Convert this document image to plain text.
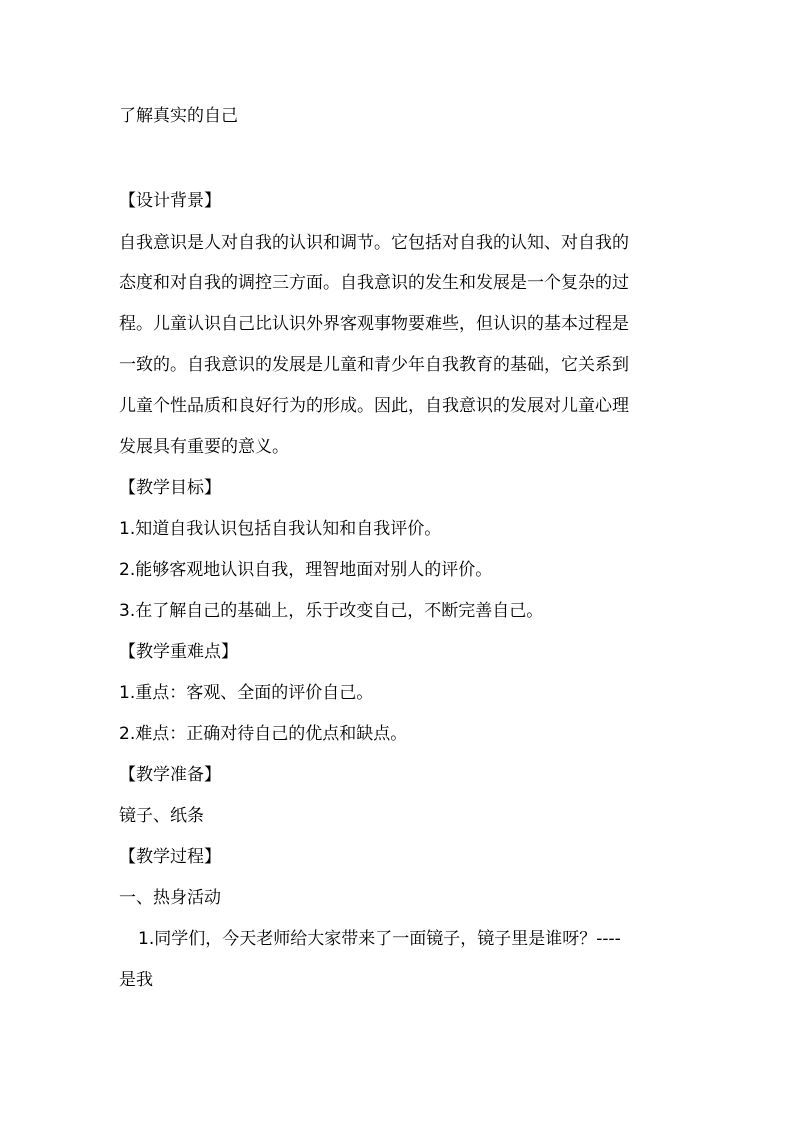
了解真实的自己
【设计背景】
自我意识是人对自我的认识和调节。它包括对自我的认知、对自我的
态度和对自我的调控三方面。自我意识的发生和发展是一个复杂的过
程。儿童认识自己比认识外界客观事物要难些，但认识的基本过程是
一致的。自我意识的发展是儿童和青少年自我教育的基础，它关系到
儿童个性品质和良好行为的形成。因此，自我意识的发展对儿童心理
发展具有重要的意义。
【教学目标】
1.知道自我认识包括自我认知和自我评价。
2.能够客观地认识自我，理智地面对别人的评价。
3.在了解自己的基础上，乐于改变自己，不断完善自己。
【教学重难点】
1.重点：客观、全面的评价自己。
2.难点：正确对待自己的优点和缺点。
【教学准备】
镜子、纸条
【教学过程】
一、热身活动
1.同学们，今天老师给大家带来了一面镜子，镜子里是谁呀？----
是我
